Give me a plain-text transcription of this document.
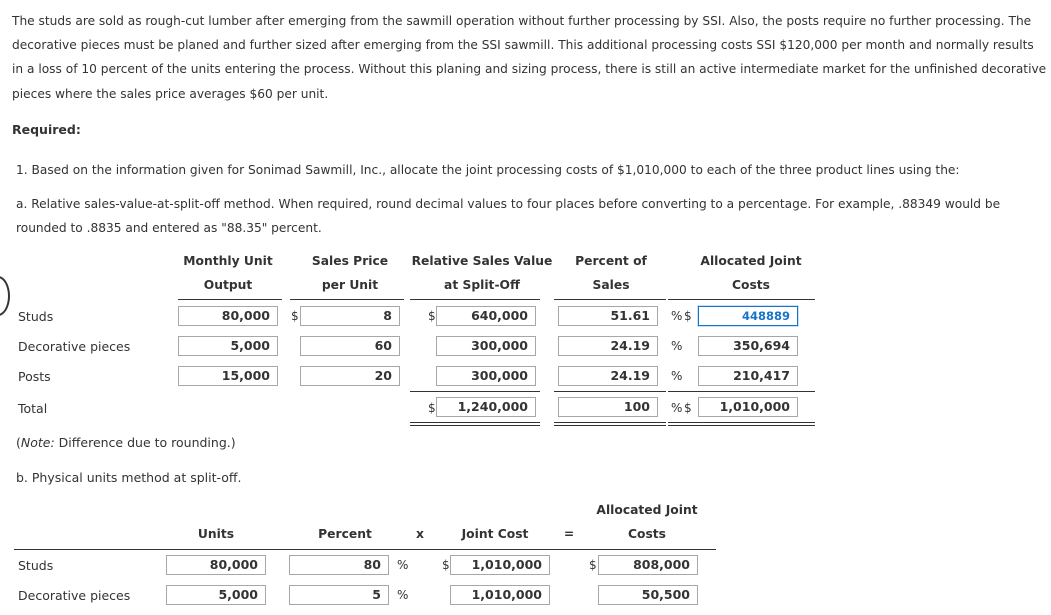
The studs are sold as rough-cut lumber after emerging from the sawmill operation without further processing by SSI. Also, the posts require no further processing. The decorative pieces must be planed and further sized after emerging from the SSI sawmill. This additional processing costs SSI $120,000 per month and normally results in a loss of 10 percent of the units entering the process. Without this planing and sizing process, there is still an active intermediate market for the unfinished decorative pieces where the sales price averages $60 per unit.
Required:
1. Based on the information given for Sonimad Sawmill, Inc., allocate the joint processing costs of $1,010,000 to each of the three product lines using the:
a. Relative sales-value-at-split-off method. When required, round decimal values to four places before converting to a percentage. For example, .88349 would be
rounded to .8835 and entered as "88.35" percent.
Monthly Unit
Output
Sales Price
per Unit
Relative Sales Value
at Split-Off
Percent of
Sales
Allocated Joint
Costs
Studs	80,000	$	8	$	640,000	51.61	% $	448889
Decorative pieces	5,000	60	300,000	24.19	%	350,694
Posts	15,000	20	300,000	24.19	%	210,417
Total	$	1,240,000	100	% $	1,010,000
(Note: Difference due to rounding.)
b. Physical units method at split-off.
Allocated Joint
Units	Percent	x	Joint Cost	=	Costs
Studs	80,000	80	%	$	1,010,000	$	808,000
Decorative pieces	5,000	5	%	1,010,000	50,500
